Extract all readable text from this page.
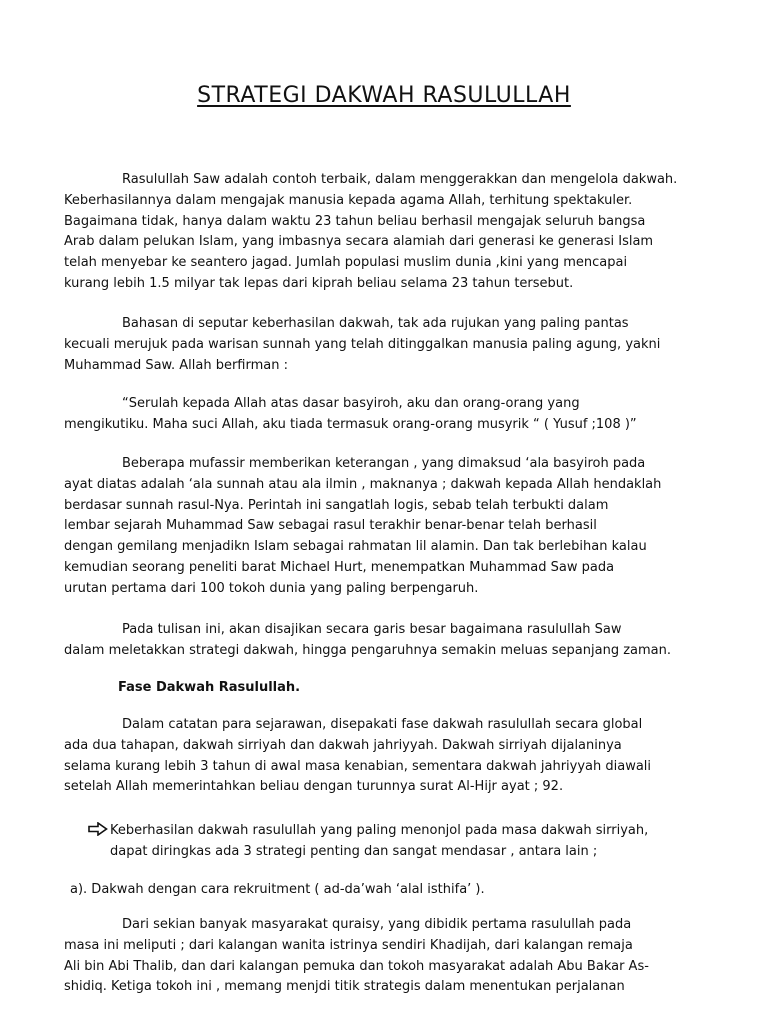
STRATEGI DAKWAH RASULULLAH
Rasulullah Saw adalah contoh terbaik, dalam menggerakkan dan mengelola dakwah.
Keberhasilannya dalam mengajak manusia kepada agama Allah, terhitung spektakuler.
Bagaimana tidak, hanya dalam waktu 23 tahun beliau berhasil mengajak seluruh bangsa
Arab dalam pelukan Islam, yang imbasnya secara alamiah dari generasi ke generasi Islam
telah menyebar ke seantero jagad. Jumlah populasi muslim dunia ,kini yang mencapai
kurang lebih 1.5 milyar tak lepas dari kiprah beliau selama 23 tahun tersebut.
Bahasan di seputar keberhasilan dakwah, tak ada rujukan yang paling pantas
kecuali merujuk pada warisan sunnah yang telah ditinggalkan manusia paling agung, yakni
Muhammad Saw. Allah berfirman :
“Serulah kepada Allah atas dasar basyiroh, aku dan orang-orang yang
mengikutiku. Maha suci Allah, aku tiada termasuk orang-orang musyrik “ ( Yusuf ;108 )”
Beberapa mufassir memberikan keterangan , yang dimaksud ‘ala basyiroh pada
ayat diatas adalah ‘ala sunnah atau ala ilmin , maknanya ; dakwah kepada Allah hendaklah
berdasar sunnah rasul-Nya. Perintah ini sangatlah logis, sebab telah terbukti dalam
lembar sejarah Muhammad Saw sebagai rasul terakhir benar-benar telah berhasil
dengan gemilang menjadikn Islam sebagai rahmatan lil alamin. Dan tak berlebihan kalau
kemudian seorang peneliti barat Michael Hurt, menempatkan Muhammad Saw pada
urutan pertama dari 100 tokoh dunia yang paling berpengaruh.
Pada tulisan ini, akan disajikan secara garis besar bagaimana rasulullah Saw
dalam meletakkan strategi dakwah, hingga pengaruhnya semakin meluas sepanjang zaman.

Fase Dakwah Rasulullah.

Dalam catatan para sejarawan, disepakati fase dakwah rasulullah secara global
ada dua tahapan, dakwah sirriyah dan dakwah jahriyyah. Dakwah sirriyah dijalaninya
selama kurang lebih 3 tahun di awal masa kenabian, sementara dakwah jahriyyah diawali
setelah Allah memerintahkan beliau dengan turunnya surat Al-Hijr ayat ; 92.
Keberhasilan dakwah rasulullah yang paling menonjol pada masa dakwah sirriyah,
dapat diringkas ada 3 strategi penting dan sangat mendasar , antara lain ;

a). Dakwah dengan cara rekruitment ( ad-da’wah ‘alal isthifa’ ).

Dari sekian banyak masyarakat quraisy, yang dibidik pertama rasulullah pada
masa ini meliputi ; dari kalangan wanita istrinya sendiri Khadijah, dari kalangan remaja
Ali bin Abi Thalib, dan dari kalangan pemuka dan tokoh masyarakat adalah Abu Bakar As-
shidiq. Ketiga tokoh ini , memang menjdi titik strategis dalam menentukan perjalanan
